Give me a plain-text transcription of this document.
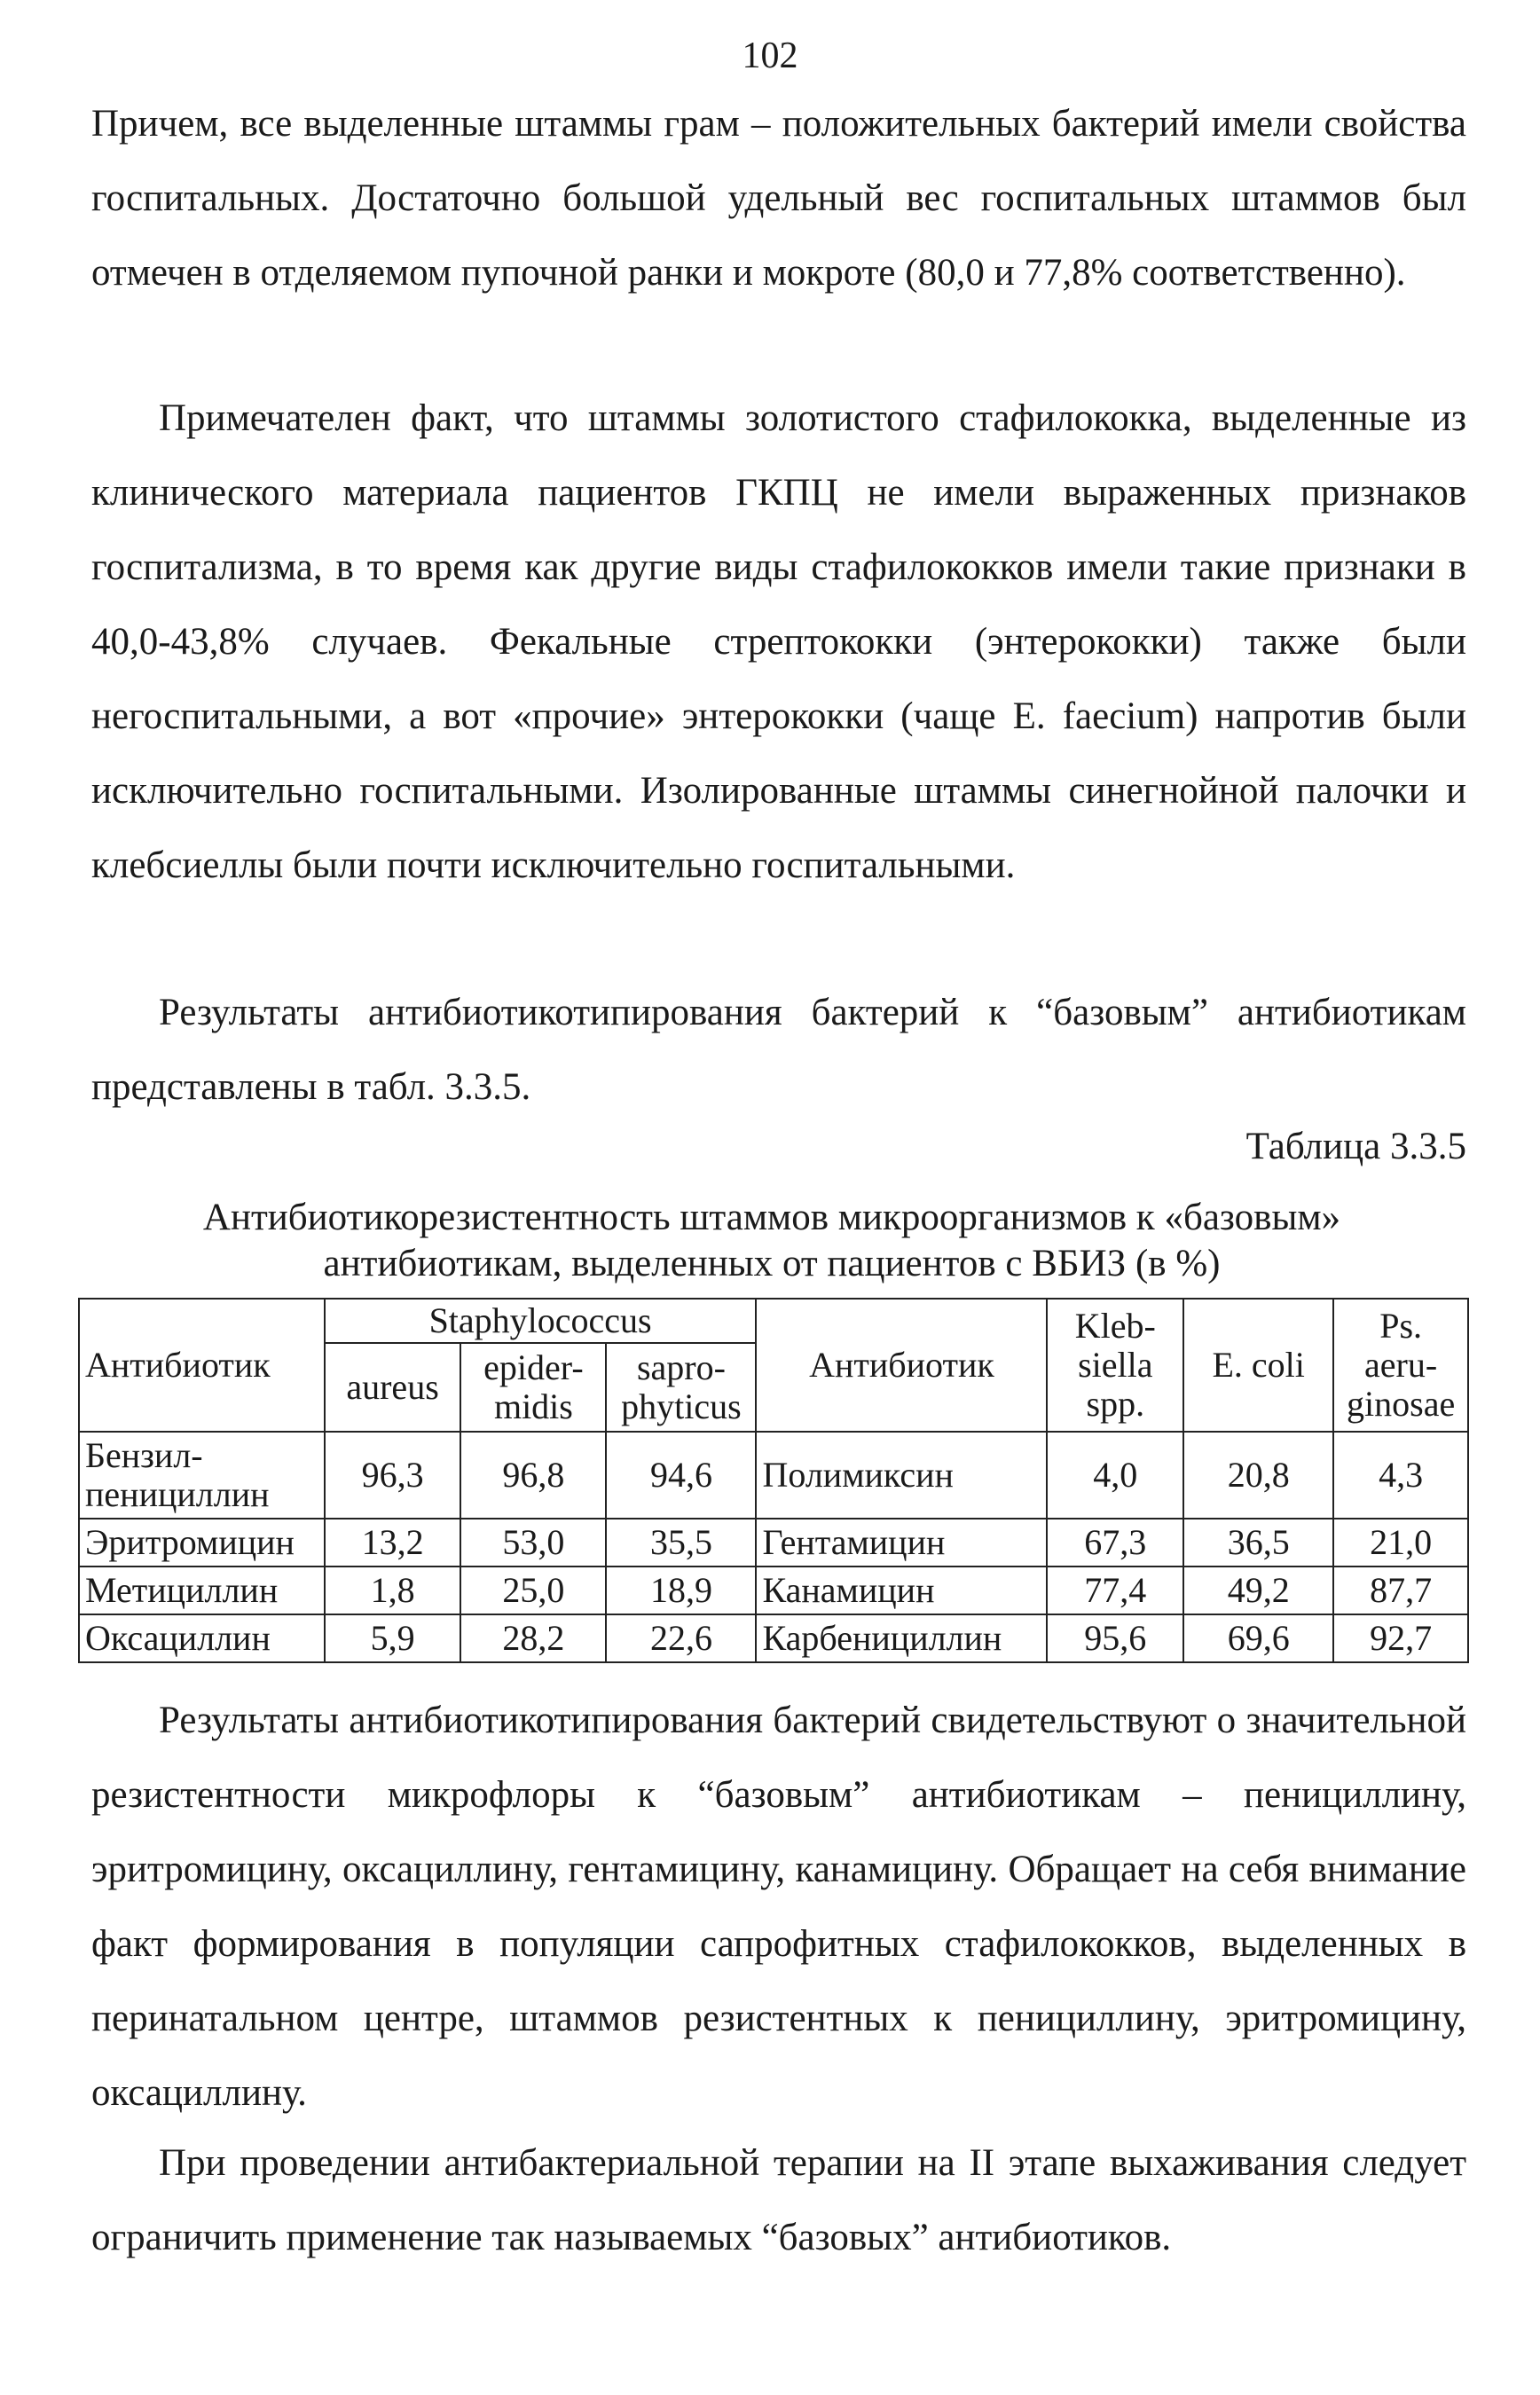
102

Причем, все выделенные штаммы грам – положительных бактерий имели свойства госпитальных. Достаточно большой удельный вес госпитальных штаммов был отмечен в отделяемом пупочной ранки и мокроте (80,0 и 77,8% соответственно).

Примечателен факт, что штаммы золотистого стафилококка, выделенные из клинического материала пациентов ГКПЦ не имели выраженных признаков госпитализма, в то время как другие виды стафилококков имели такие признаки в 40,0-43,8% случаев. Фекальные стрептококки (энтерококки) также были негоспитальными, а вот «прочие» энтерококки (чаще Е. faecium) напротив были исключительно госпитальными. Изолированные штаммы синегнойной палочки и клебсиеллы были почти исключительно госпитальными.

Результаты антибиотикотипирования бактерий к “базовым” антибиотикам представлены в табл. 3.3.5.

Таблица 3.3.5
Антибиотикорезистентность штаммов микроорганизмов к «базовым»
антибиотикам, выделенных от пациентов с ВБИЗ (в %)
Антибиотик	Staphylococcus			Антибиотик	Kleb-siella spp.	E. coli	Ps. aeru-ginosae
	aureus	epider-midis	sapro-phyticus				
Бензил-пенициллин	96,3	96,8	94,6	Полимиксин	4,0	20,8	4,3
Эритромицин	13,2	53,0	35,5	Гентамицин	67,3	36,5	21,0
Метициллин	1,8	25,0	18,9	Канамицин	77,4	49,2	87,7
Оксациллин	5,9	28,2	22,6	Карбенициллин	95,6	69,6	92,7

Результаты антибиотикотипирования бактерий свидетельствуют о значительной резистентности микрофлоры к “базовым” антибиотикам – пенициллину, эритромицину, оксациллину, гентамицину, канамицину. Обращает на себя внимание факт формирования в популяции сапрофитных стафилококков, выделенных в перинатальном центре, штаммов резистентных к пенициллину, эритромицину, оксациллину.

При проведении антибактериальной терапии на II этапе выхаживания следует ограничить применение так называемых “базовых” антибиотиков.
